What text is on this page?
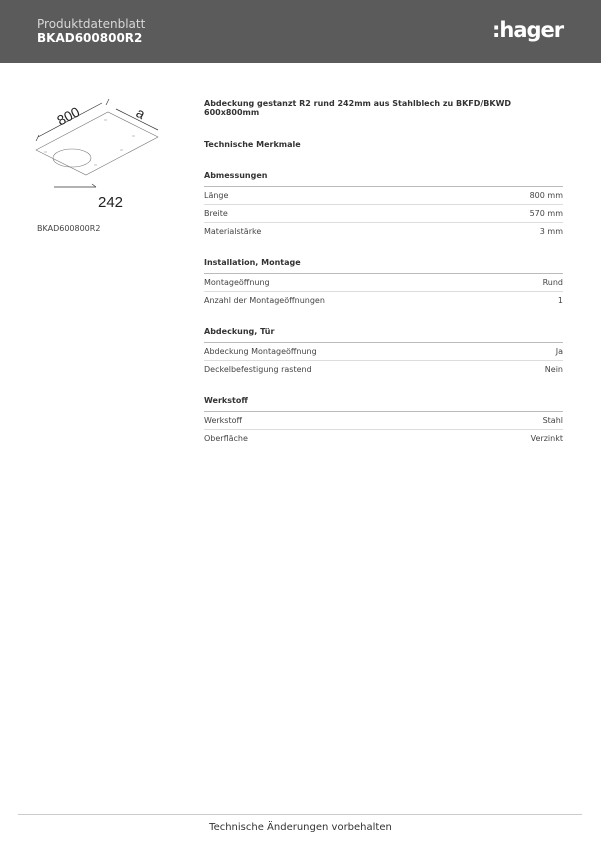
Produktdatenblatt
BKAD600800R2	:hager
800	a
242
BKAD600800R2
Abdeckung gestanzt R2 rund 242mm aus Stahlblech zu BKFD/BKWD 600x800mm
Technische Merkmale
Abmessungen
Länge	800 mm
Breite	570 mm
Materialstärke	3 mm
Installation, Montage
Montageöffnung	Rund
Anzahl der Montageöffnungen	1
Abdeckung, Tür
Abdeckung Montageöffnung	Ja
Deckelbefestigung rastend	Nein
Werkstoff
Werkstoff	Stahl
Oberfläche	Verzinkt
Technische Änderungen vorbehalten
